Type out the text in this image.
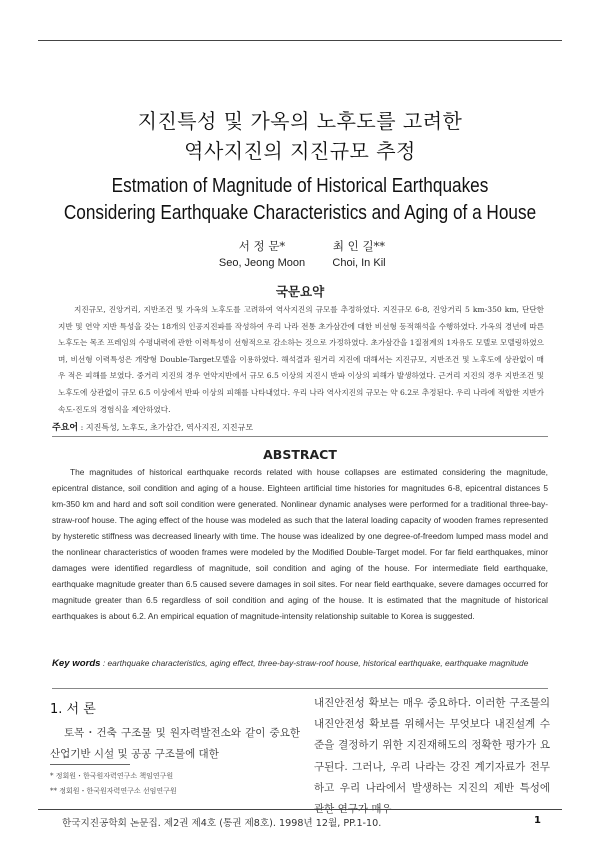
지진특성 및 가옥의 노후도를 고려한
역사지진의 지진규모 추정
Estmation of Magnitude of Historical Earthquakes
Considering Earthquake Characteristics and Aging of a House
서 정 문*
Seo, Jeong Moon
최 인 길**
Choi, In Kil
국문요약
지진규모, 진앙거리, 지반조건 및 가옥의 노후도를 고려하여 역사지진의 규모를 추정하였다. 지진규모 6-8, 진앙거리 5 km-350 km, 단단한 지반 및 연약 지반 특성을 갖는 18개의 인공지진파를 작성하여 우리 나라 전통 초가삼간에 대한 비선형 동적해석을 수행하였다. 가옥의 경년에 따른 노후도는 목조 프레임의 수평내력에 관한 이력특성이 선형적으로 감소하는 것으로 가정하였다. 초가삼간을 1질점계의 1자유도 모델로 모델링하였으며, 비선형 이력특성은 개량형 Double-Target모델을 이용하였다. 해석결과 원거리 지진에 대해서는 지진규모, 지반조건 및 노후도에 상관없이 매우 적은 피해를 보였다. 중거리 지진의 경우 연약지반에서 규모 6.5 이상의 지진시 반파 이상의 피해가 발생하였다. 근거리 지진의 경우 지반조건 및 노후도에 상관없이 규모 6.5 이상에서 반파 이상의 피해를 나타내었다. 우리 나라 역사지진의 규모는 약 6.2로 추정된다. 우리 나라에 적합한 지반가속도-진도의 경험식을 제안하였다.
주요어 : 지진특성, 노후도, 초가삼간, 역사지진, 지진규모
ABSTRACT
The magnitudes of historical earthquake records related with house collapses are estimated considering the magnitude, epicentral distance, soil condition and aging of a house. Eighteen artificial time histories for magnitudes 6-8, epicentral distances 5 km-350 km and hard and soft soil condition were generated. Nonlinear dynamic analyses were performed for a traditional three-bay-straw-roof house. The aging effect of the house was modeled as such that the lateral loading capacity of wooden frames represented by hysteretic stiffness was decreased linearly with time. The house was idealized by one degree-of-freedom lumped mass model and the nonlinear characteristics of wooden frames were modeled by the Modified Double-Target model. For far field earthquakes, minor damages were identified regardless of magnitude, soil condition and aging of the house. For intermediate field earthquake, earthquake magnitude greater than 6.5 caused severe damages in soil sites. For near field earthquake, severe damages occurred for magnitude greater than 6.5 regardless of soil condition and aging of the house. It is estimated that the magnitude of historical earthquakes is about 6.2. An empirical equation of magnitude-intensity relationship suitable to Korea is suggested.
Key words : earthquake characteristics, aging effect, three-bay-straw-roof house, historical earthquake, earthquake magnitude
1. 서 론
토목・건축 구조물 및 원자력발전소와 같이 중요한 산업기반 시설 및 공공 구조물에 대한
* 정회원・한국원자력연구소 책임연구원
** 정회원・한국원자력연구소 선임연구원
내진안전성 확보는 매우 중요하다. 이러한 구조물의 내진안전성 확보를 위해서는 무엇보다 내진설계 수준을 결정하기 위한 지진재해도의 정확한 평가가 요구된다. 그러나, 우리 나라는 강진 계기자료가 전무하고 우리 나라에서 발생하는 지진의 제반 특성에 관한 연구가 매우
한국지진공학회 논문집. 제2권 제4호 (통권 제8호). 1998년 12월, PP.1-10.	1
